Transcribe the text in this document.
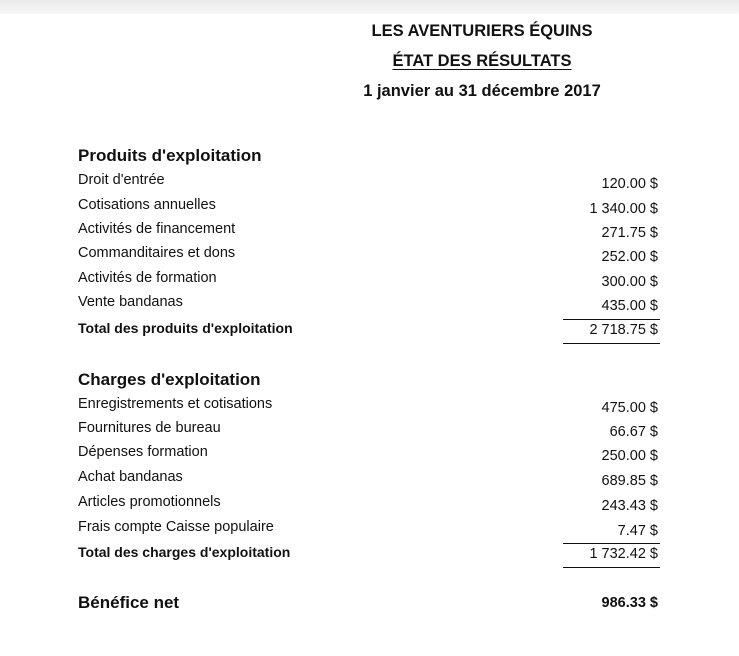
LES AVENTURIERS ÉQUINS
ÉTAT DES RÉSULTATS
1 janvier au 31 décembre 2017
Produits d'exploitation
Droit d'entrée	120.00 $
Cotisations annuelles	1 340.00 $
Activités de financement	271.75 $
Commanditaires et dons	252.00 $
Activités de formation	300.00 $
Vente bandanas	435.00 $
Total des produits d'exploitation	2 718.75 $
Charges d'exploitation
Enregistrements et cotisations	475.00 $
Fournitures de bureau	66.67 $
Dépenses formation	250.00 $
Achat bandanas	689.85 $
Articles promotionnels	243.43 $
Frais compte Caisse populaire	7.47 $
Total des charges d'exploitation	1 732.42 $
Bénéfice net	986.33 $
